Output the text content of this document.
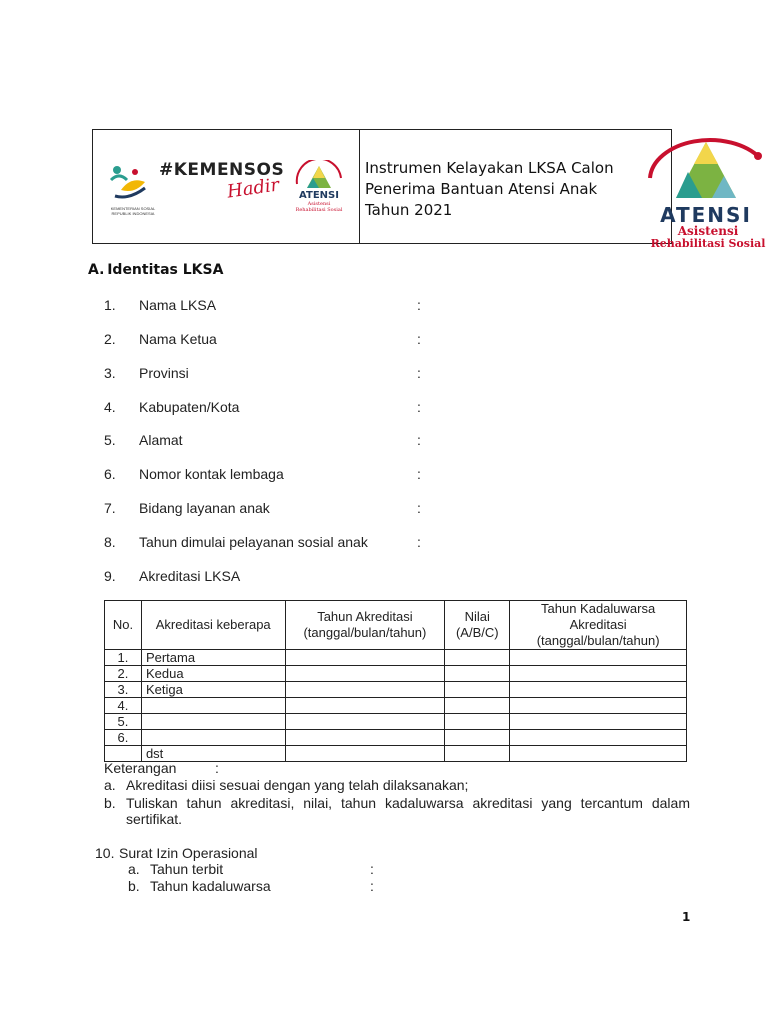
KEMENTERIAN SOSIAL REPUBLIK INDONESIA
#KEMENSOS
Hadir ATENSI
Asistensi
Rehabilitasi Sosial
Instrumen Kelayakan LKSA Calon
Penerima Bantuan Atensi Anak
Tahun 2021	ATENSI
Asistensi
Rehabilitasi Sosial
A. Identitas LKSA
1.	Nama LKSA	:
2.	Nama Ketua	:
3.	Provinsi	:
4.	Kabupaten/Kota	:
5.	Alamat	:
6.	Nomor kontak lembaga	:
7.	Bidang layanan anak	:
8.	Tahun dimulai pelayanan sosial anak	:
9.	Akreditasi LKSA
No.	Akreditasi keberapa	Tahun Akreditasi (tanggal/bulan/tahun)	Nilai (A/B/C)	Tahun Kadaluwarsa Akreditasi (tanggal/bulan/tahun)
1.	Pertama			
2.	Kedua			
3.	Ketiga			
4.				
5.				
6.				
	dst			
Keterangan	:
a. Akreditasi diisi sesuai dengan yang telah dilaksanakan;
b. Tuliskan tahun akreditasi, nilai, tahun kadaluwarsa akreditasi yang tercantum dalam sertifikat.
10. Surat Izin Operasional
a. Tahun terbit	:
b. Tahun kadaluwarsa	:
1
